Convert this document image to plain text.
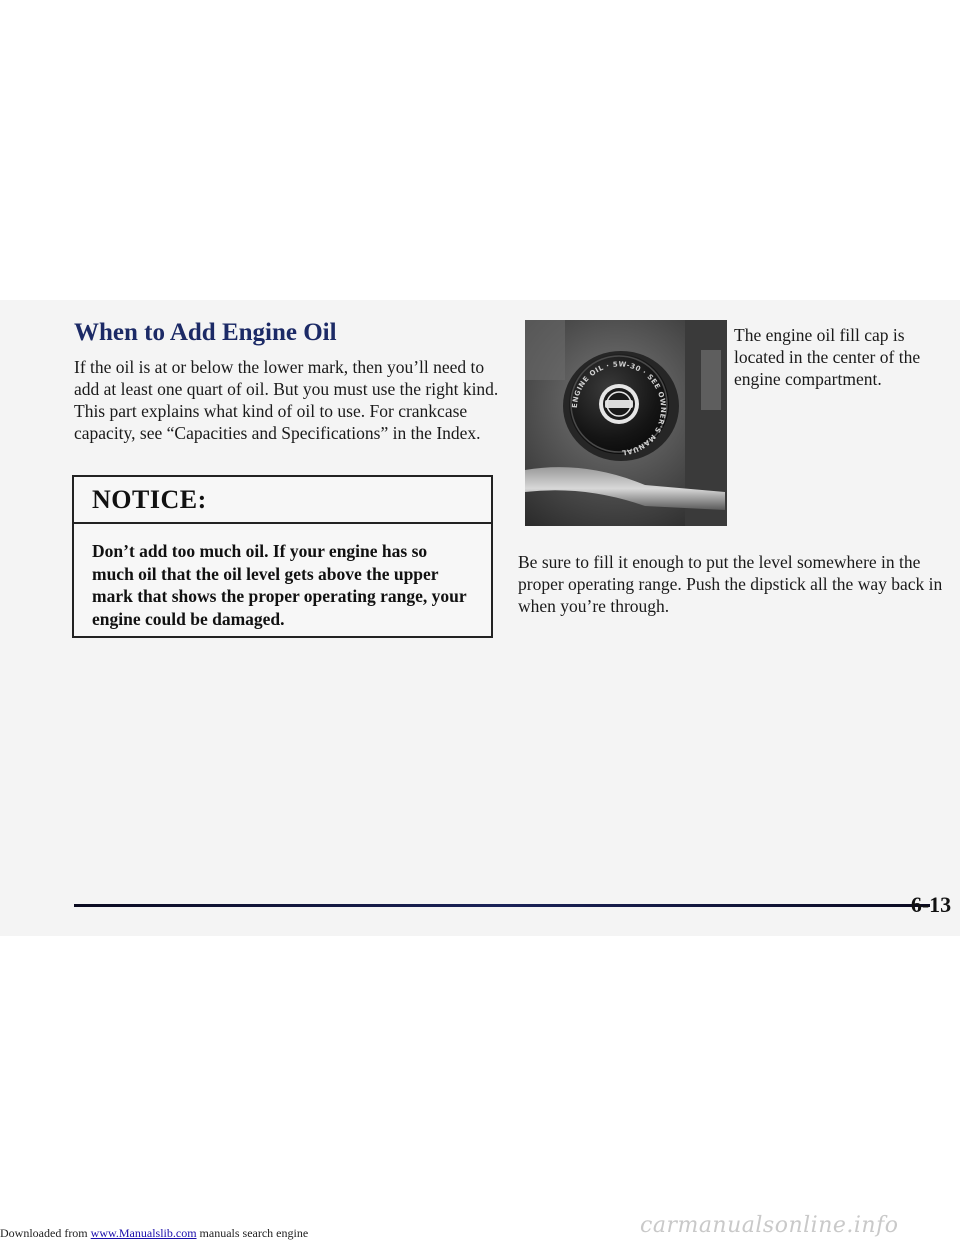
When to Add Engine Oil

If the oil is at or below the lower mark, then you’ll need to add at least one quart of oil. But you must use the right kind. This part explains what kind of oil to use. For crankcase capacity, see “Capacities and Specifications” in the Index.

NOTICE:

Don’t add too much oil. If your engine has so much oil that the oil level gets above the upper mark that shows the proper operating range, your engine could be damaged.

ENGINE OIL · 5W-30 · SEE OWNER'S MANUAL

The engine oil fill cap is located in the center of the engine compartment.

Be sure to fill it enough to put the level somewhere in the proper operating range. Push the dipstick all the way back in when you’re through.

6-13

Downloaded from www.Manualslib.com manuals search engine	carmanualsonline.info
